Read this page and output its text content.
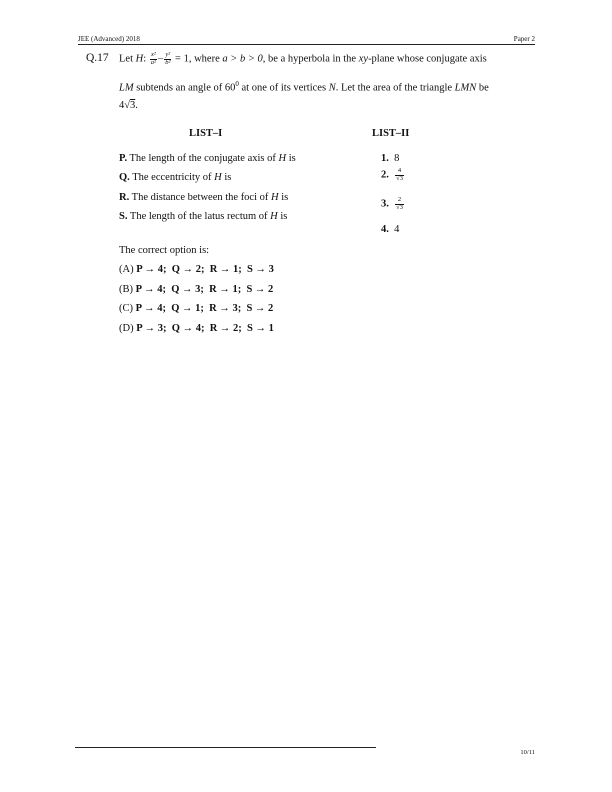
JEE (Advanced) 2018	Paper 2
Q.17 Let H: $\frac{\text{x²}}{\text{a²}} - \frac{\text{y²}}{\text{b²}} = 1$, where a > b > 0, be a hyperbola in the xy-plane whose conjugate axis
LM subtends an angle of $60^0$ at one of its vertices N. Let the area of the triangle LMN be
4√3.
LIST–I	LIST–II
P. The length of the conjugate axis of H is
Q. The eccentricity of H is
R. The distance between the foci of H is
S. The length of the latus rectum of H is
1. 8
2. $\frac{4}{√3}$
3. $\frac{2}{√3}$
4. 4
The correct option is:
(A) P → 4;  Q → 2;  R → 1;  S → 3
(B) P → 4;  Q → 3;  R → 1;  S → 2
(C) P → 4;  Q → 1;  R → 3;  S → 2
(D) P → 3;  Q → 4;  R → 2;  S → 1
10/11
